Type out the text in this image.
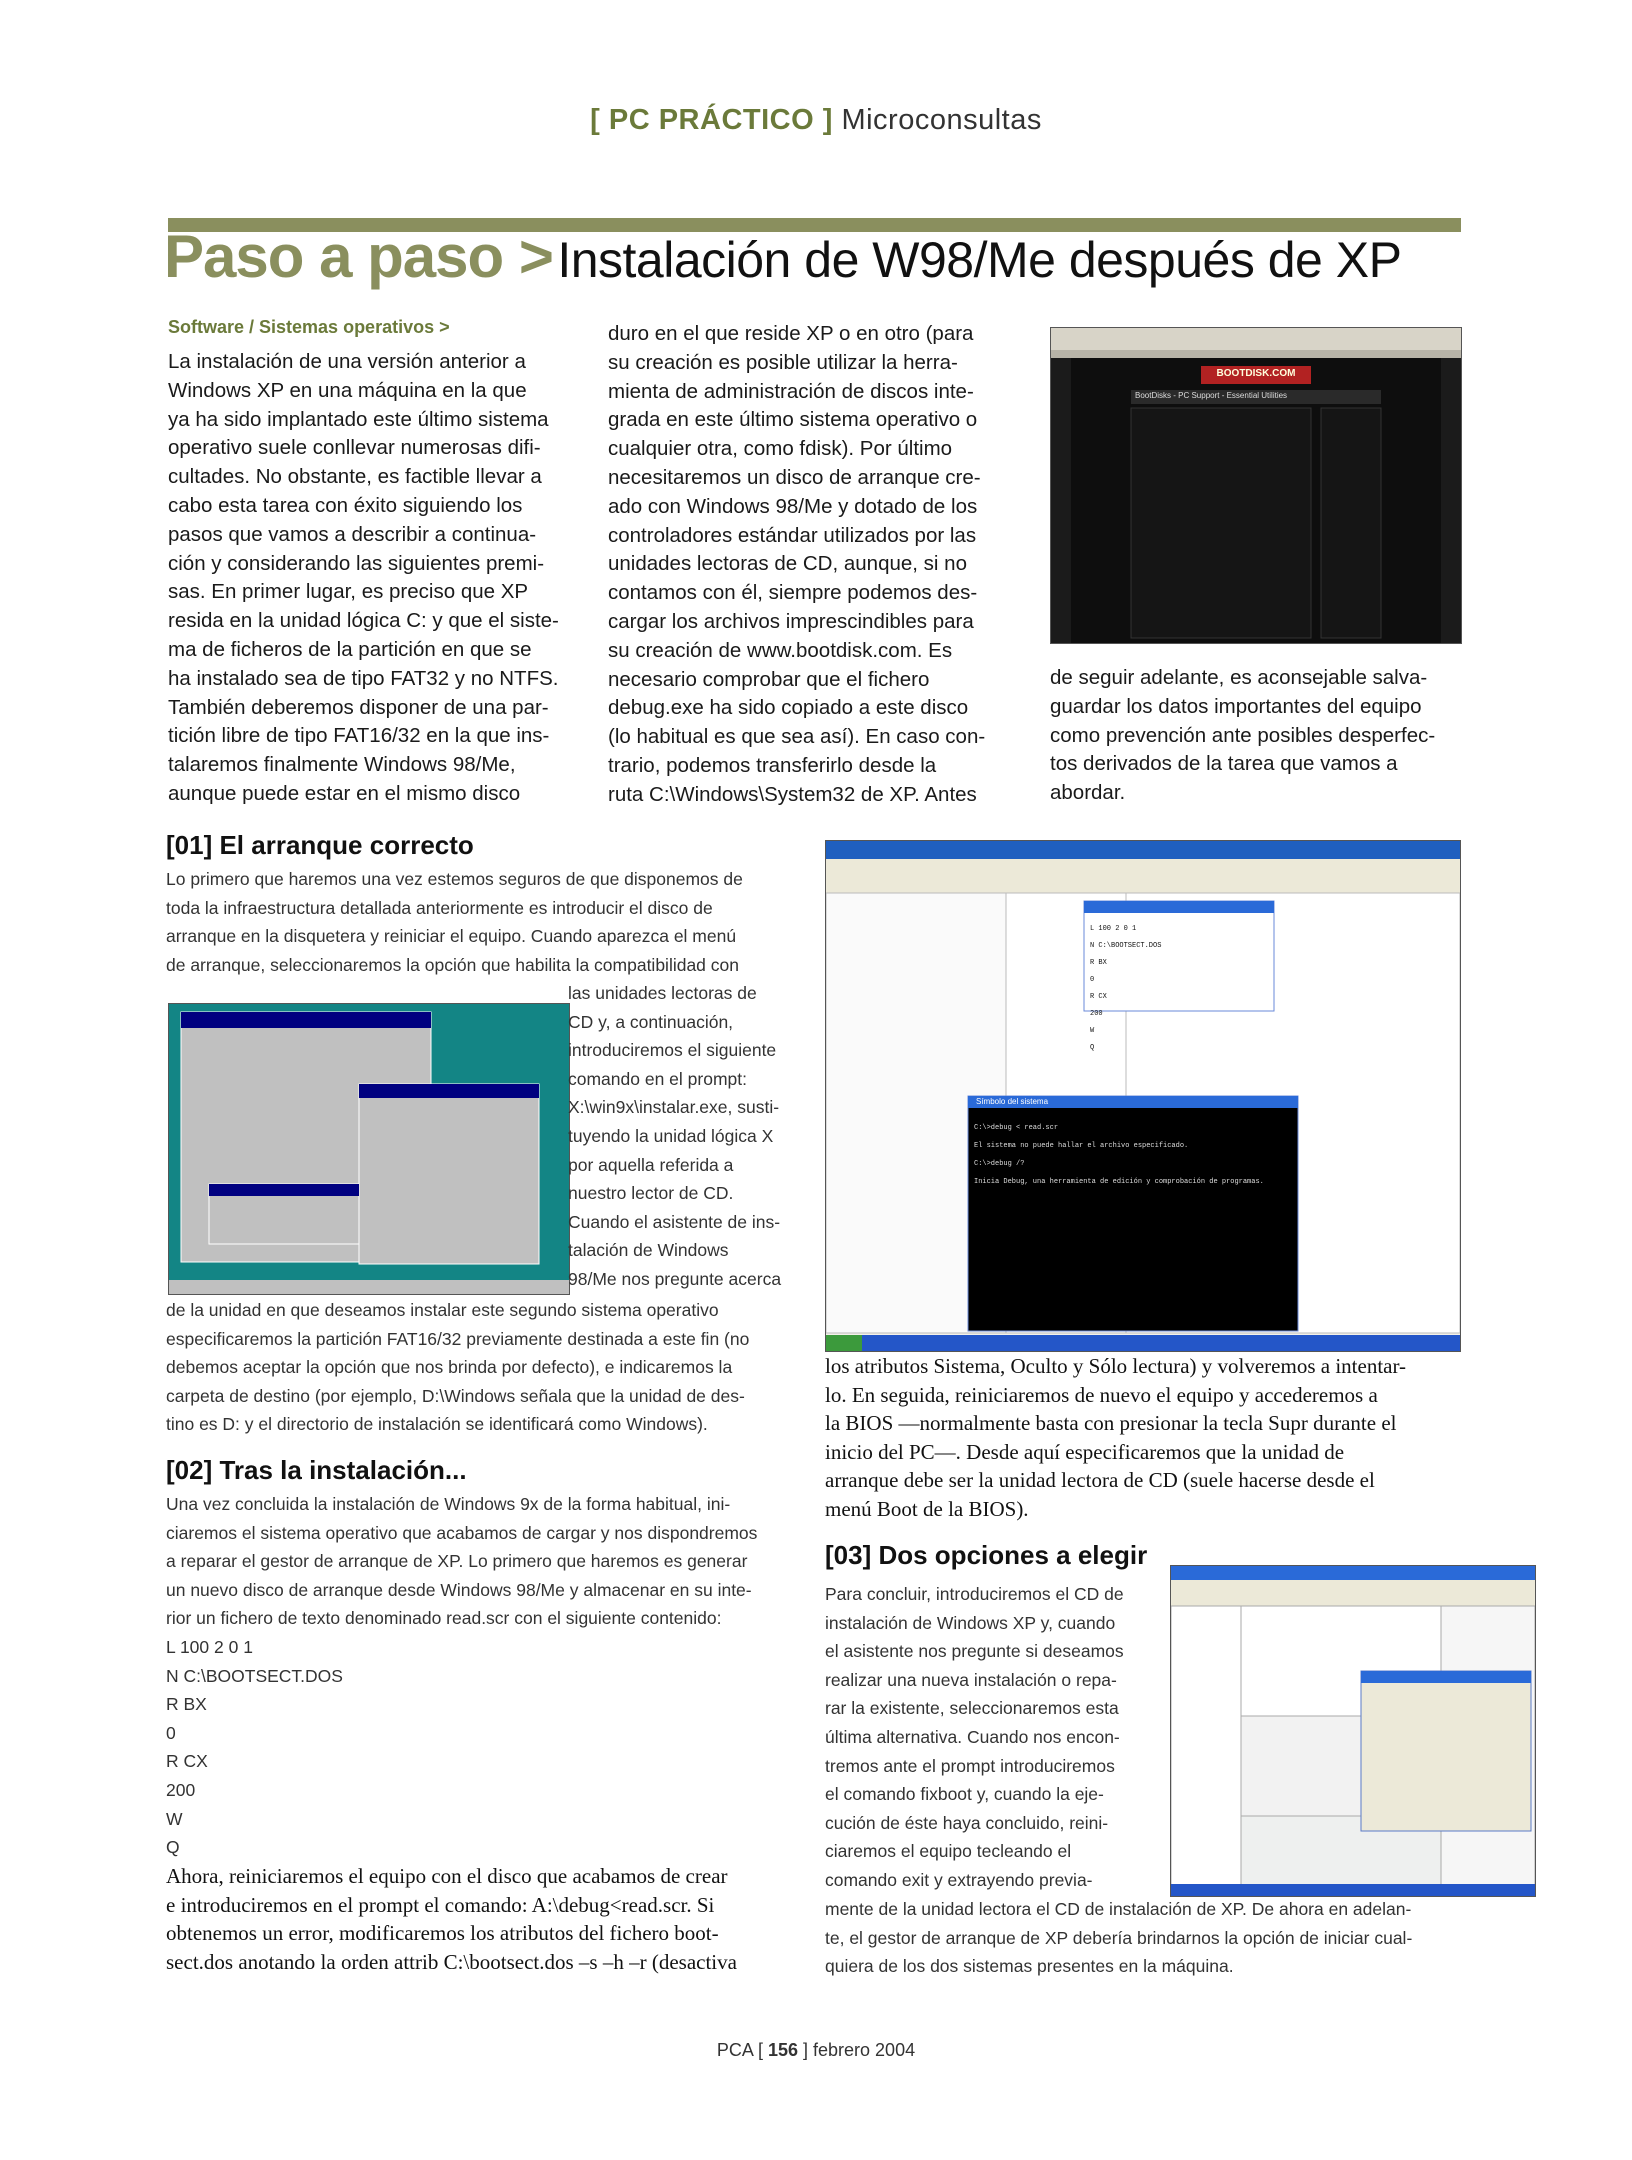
[ PC PRÁCTICO ] Microconsultas
Paso a paso > Instalación de W98/Me después de XP
Software / Sistemas operativos >

La instalación de una versión anterior a

Windows XP en una máquina en la que

ya ha sido implantado este último sistema

operativo suele conllevar numerosas difi-

cultades. No obstante, es factible llevar a

cabo esta tarea con éxito siguiendo los

pasos que vamos a describir a continua-

ción y considerando las siguientes premi-

sas. En primer lugar, es preciso que XP

resida en la unidad lógica C: y que el siste-

ma de ficheros de la partición en que se

ha instalado sea de tipo FAT32 y no NTFS.

También deberemos disponer de una par-

tición libre de tipo FAT16/32 en la que ins-

talaremos finalmente Windows 98/Me,

aunque puede estar en el mismo disco

duro en el que reside XP o en otro (para

su creación es posible utilizar la herra-

mienta de administración de discos inte-

grada en este último sistema operativo o

cualquier otra, como fdisk). Por último

necesitaremos un disco de arranque cre-

ado con Windows 98/Me y dotado de los

controladores estándar utilizados por las

unidades lectoras de CD, aunque, si no

contamos con él, siempre podemos des-

cargar los archivos imprescindibles para

su creación de www.bootdisk.com. Es

necesario comprobar que el fichero

debug.exe ha sido copiado a este disco

(lo habitual es que sea así). En caso con-

trario, podemos transferirlo desde la

ruta C:\Windows\System32 de XP. Antes

de seguir adelante, es aconsejable salva-

guardar los datos importantes del equipo

como prevención ante posibles desperfec-

tos derivados de la tarea que vamos a

abordar.

BOOTDISK.COM
BootDisks - PC Support - Essential Utilities
[01] El arranque correcto

Lo primero que haremos una vez estemos seguros de que disponemos de

toda la infraestructura detallada anteriormente es introducir el disco de

arranque en la disquetera y reiniciar el equipo. Cuando aparezca el menú

de arranque, seleccionaremos la opción que habilita la compatibilidad con

las unidades lectoras de

CD y, a continuación,

introduciremos el siguiente

comando en el prompt:

X:\win9x\instalar.exe, susti-

tuyendo la unidad lógica X

por aquella referida a

nuestro lector de CD.

Cuando el asistente de ins-

talación de Windows

98/Me nos pregunte acerca

de la unidad en que deseamos instalar este segundo sistema operativo

especificaremos la partición FAT16/32 previamente destinada a este fin (no

debemos aceptar la opción que nos brinda por defecto), e indicaremos la

carpeta de destino (por ejemplo, D:\Windows señala que la unidad de des-

tino es D: y el directorio de instalación se identificará como Windows).

Símbolo del sistema

C:\>debug < read.scr

El sistema no puede hallar el archivo especificado.

C:\>debug /?

Inicia Debug, una herramienta de edición y comprobación de programas.

L 100 2 0 1

N C:\BOOTSECT.DOS

R BX

0

R CX

200

W

Q

[02] Tras la instalación...

Una vez concluida la instalación de Windows 9x de la forma habitual, ini-

ciaremos el sistema operativo que acabamos de cargar y nos dispondremos

a reparar el gestor de arranque de XP. Lo primero que haremos es generar

un nuevo disco de arranque desde Windows 98/Me y almacenar en su inte-

rior un fichero de texto denominado read.scr con el siguiente contenido:

L 100 2 0 1

N C:\BOOTSECT.DOS

R BX

0

R CX

200

W

Q

Ahora, reiniciaremos el equipo con el disco que acabamos de crear

e introduciremos en el prompt el comando: A:\debug<read.scr. Si

obtenemos un error, modificaremos los atributos del fichero boot-

sect.dos anotando la orden attrib C:\bootsect.dos –s –h –r (desactiva

los atributos Sistema, Oculto y Sólo lectura) y volveremos a intentar-

lo. En seguida, reiniciaremos de nuevo el equipo y accederemos a

la BIOS —normalmente basta con presionar la tecla Supr durante el

inicio del PC—. Desde aquí especificaremos que la unidad de

arranque debe ser la unidad lectora de CD (suele hacerse desde el

menú Boot de la BIOS).

[03] Dos opciones a elegir

Para concluir, introduciremos el CD de

instalación de Windows XP y, cuando

el asistente nos pregunte si deseamos

realizar una nueva instalación o repa-

rar la existente, seleccionaremos esta

última alternativa. Cuando nos encon-

tremos ante el prompt introduciremos

el comando fixboot y, cuando la eje-

cución de éste haya concluido, reini-

ciaremos el equipo tecleando el

comando exit y extrayendo previa-

mente de la unidad lectora el CD de instalación de XP. De ahora en adelan-

te, el gestor de arranque de XP debería brindarnos la opción de iniciar cual-

quiera de los dos sistemas presentes en la máquina.

PCA [ 156 ] febrero 2004
